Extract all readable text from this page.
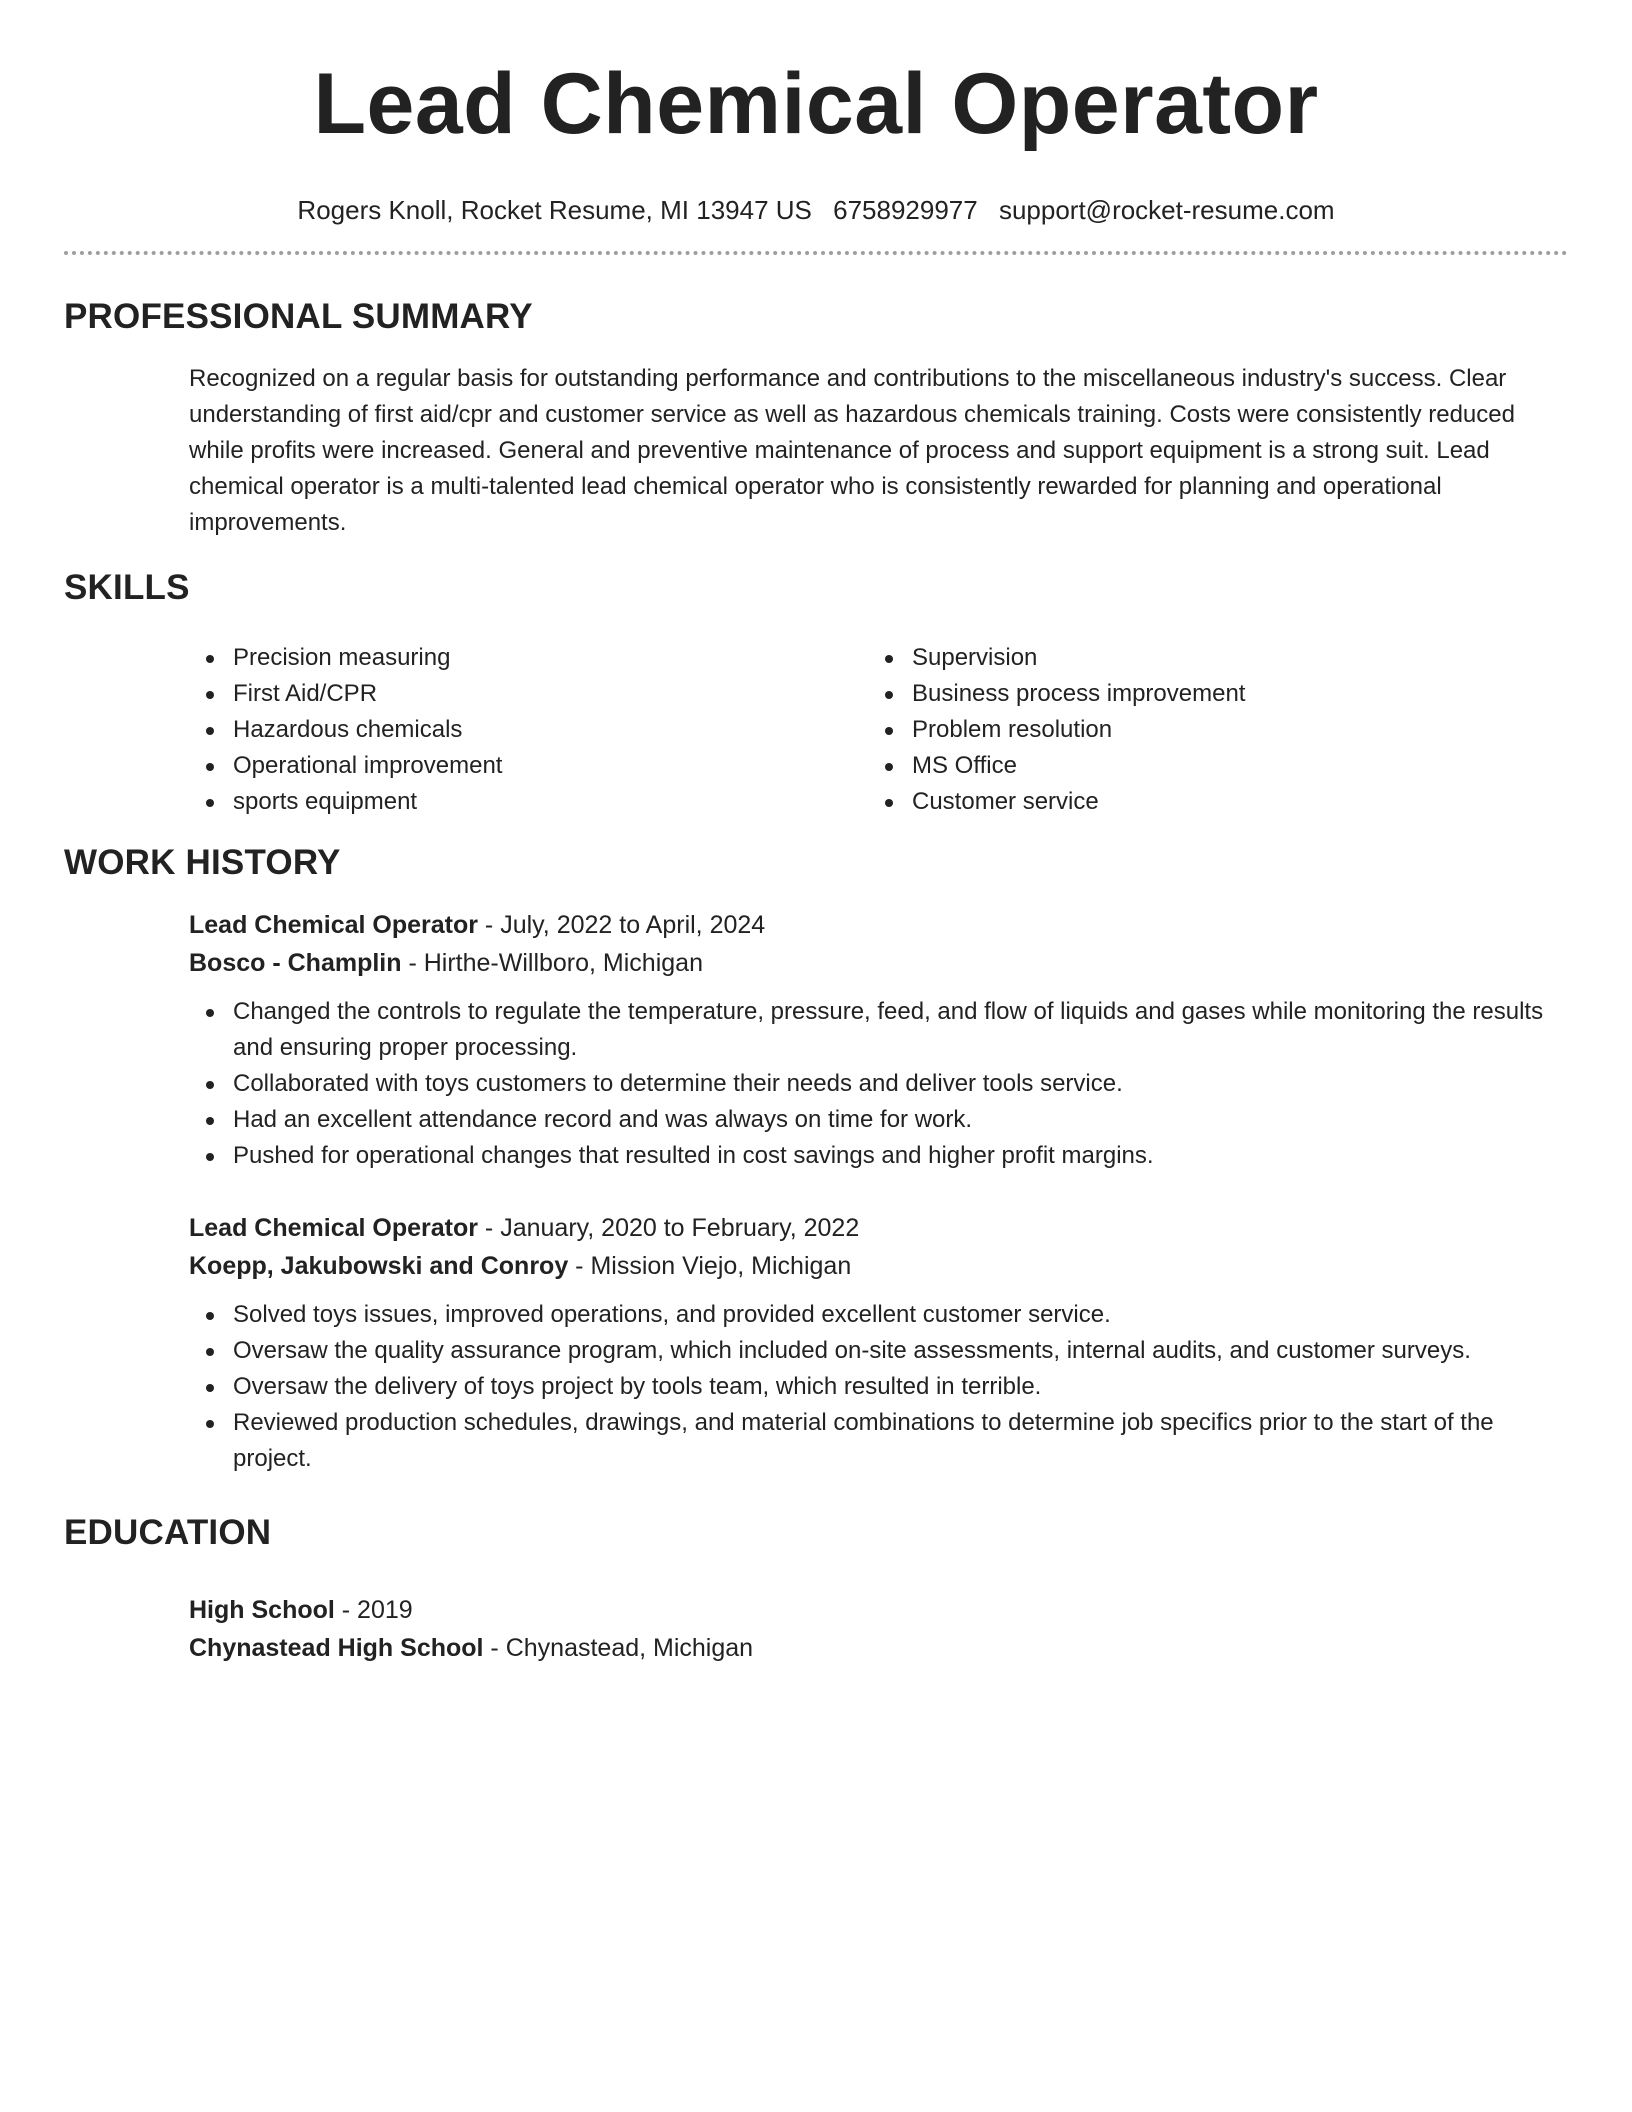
Lead Chemical Operator
Rogers Knoll, Rocket Resume, MI 13947 US 6758929977 support@rocket-resume.com
PROFESSIONAL SUMMARY

Recognized on a regular basis for outstanding performance and contributions to the miscellaneous industry's success. Clear understanding of first aid/cpr and customer service as well as hazardous chemicals training. Costs were consistently reduced while profits were increased. General and preventive maintenance of process and support equipment is a strong suit. Lead chemical operator is a multi-talented lead chemical operator who is consistently rewarded for planning and operational improvements.

SKILLS
Precision measuring
First Aid/CPR
Hazardous chemicals
Operational improvement
sports equipment
Supervision
Business process improvement
Problem resolution
MS Office
Customer service
WORK HISTORY
Lead Chemical Operator - July, 2022 to April, 2024
Bosco - Champlin - Hirthe-Willboro, Michigan
Changed the controls to regulate the temperature, pressure, feed, and flow of liquids and gases while monitoring the results and ensuring proper processing.
Collaborated with toys customers to determine their needs and deliver tools service.
Had an excellent attendance record and was always on time for work.
Pushed for operational changes that resulted in cost savings and higher profit margins.
Lead Chemical Operator - January, 2020 to February, 2022
Koepp, Jakubowski and Conroy - Mission Viejo, Michigan
Solved toys issues, improved operations, and provided excellent customer service.
Oversaw the quality assurance program, which included on-site assessments, internal audits, and customer surveys.
Oversaw the delivery of toys project by tools team, which resulted in terrible.
Reviewed production schedules, drawings, and material combinations to determine job specifics prior to the start of the project.
EDUCATION
High School - 2019
Chynastead High School - Chynastead, Michigan
